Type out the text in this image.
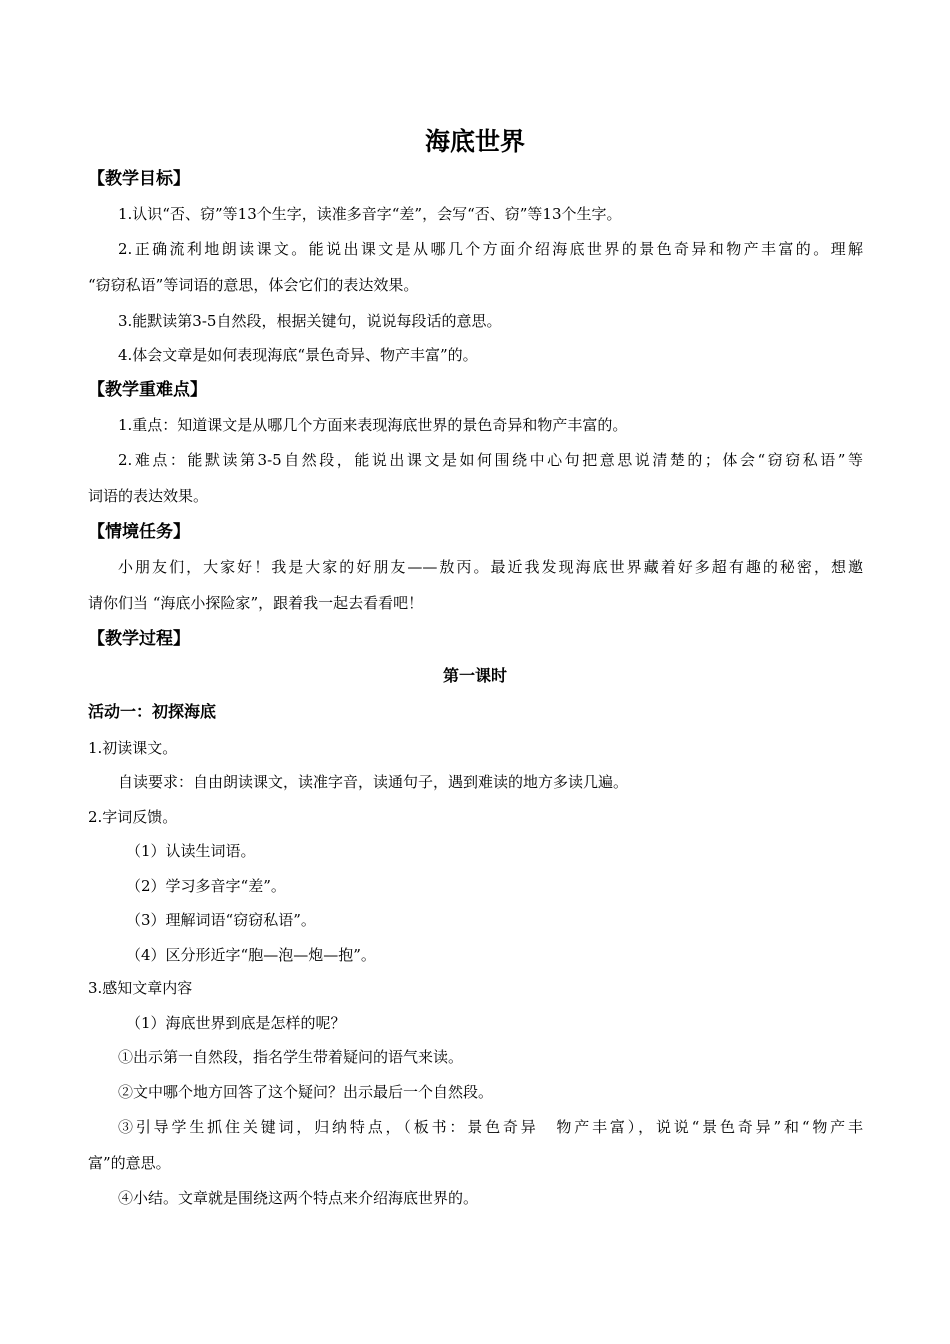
海底世界
【教学目标】
1.认识“否、窃”等13个生字，读准多音字“差”，会写“否、窃”等13个生字。
2.正确流利地朗读课文。能说出课文是从哪几个方面介绍海底世界的景色奇异和物产丰富的。理解
“窃窃私语”等词语的意思，体会它们的表达效果。
3.能默读第3-5自然段，根据关键句，说说每段话的意思。
4.体会文章是如何表现海底“景色奇异、物产丰富”的。
【教学重难点】
1.重点：知道课文是从哪几个方面来表现海底世界的景色奇异和物产丰富的。
2.难点：能默读第3-5自然段，能说出课文是如何围绕中心句把意思说清楚的；体会“窃窃私语”等
词语的表达效果。
【情境任务】
小朋友们，大家好！我是大家的好朋友——敖丙。最近我发现海底世界藏着好多超有趣的秘密，想邀
请你们当 “海底小探险家”，跟着我一起去看看吧！
【教学过程】
第一课时
活动一：初探海底
1.初读课文。
自读要求：自由朗读课文，读准字音，读通句子，遇到难读的地方多读几遍。
2.字词反馈。
（1）认读生词语。
（2）学习多音字“差”。
（3）理解词语“窃窃私语”。
（4）区分形近字“胞—泡—炮—抱”。
3.感知文章内容
（1）海底世界到底是怎样的呢？
①出示第一自然段，指名学生带着疑问的语气来读。
②文中哪个地方回答了这个疑问？出示最后一个自然段。
③引导学生抓住关键词，归纳特点，（板书：景色奇异　物产丰富），说说“景色奇异”和“物产丰
富”的意思。
④小结。文章就是围绕这两个特点来介绍海底世界的。
